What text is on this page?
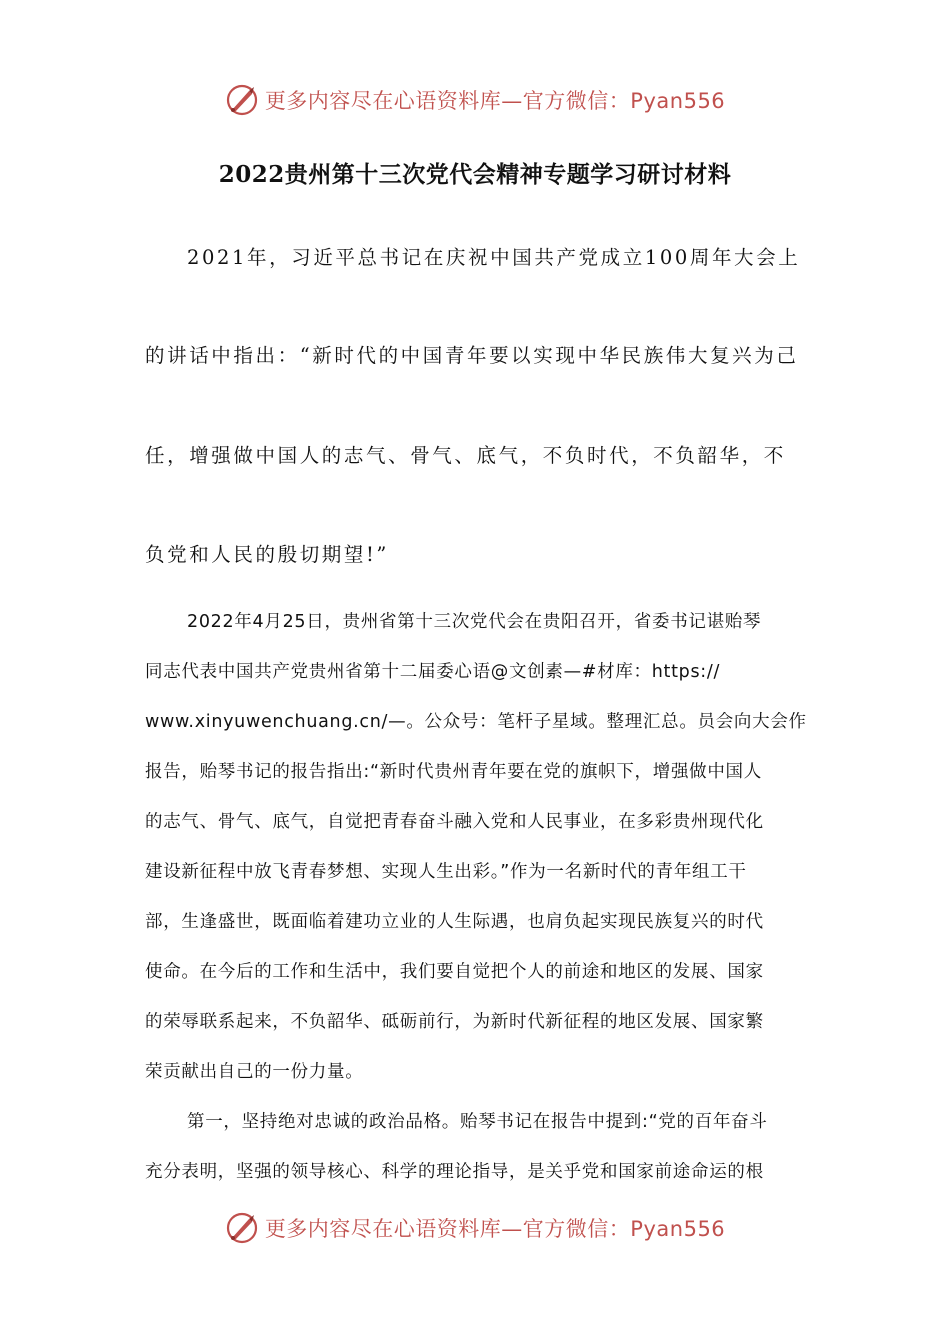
更多内容尽在心语资料库—官方微信：Pyan556
2022贵州第十三次党代会精神专题学习研讨材料
2021年，习近平总书记在庆祝中国共产党成立100周年大会上
的讲话中指出：“新时代的中国青年要以实现中华民族伟大复兴为己
任，增强做中国人的志气、骨气、底气，不负时代，不负韶华，不
负党和人民的殷切期望!”
2022年4月25日，贵州省第十三次党代会在贵阳召开，省委书记谌贻琴
同志代表中国共产党贵州省第十二届委心语@文创素—#材库：https://
www.xinyuwenchuang.cn/—。公众号：笔杆子星域。整理汇总。员会向大会作
报告，贻琴书记的报告指出:“新时代贵州青年要在党的旗帜下，增强做中国人
的志气、骨气、底气，自觉把青春奋斗融入党和人民事业，在多彩贵州现代化
建设新征程中放飞青春梦想、实现人生出彩。”作为一名新时代的青年组工干
部，生逢盛世，既面临着建功立业的人生际遇，也肩负起实现民族复兴的时代
使命。在今后的工作和生活中，我们要自觉把个人的前途和地区的发展、国家
的荣辱联系起来，不负韶华、砥砺前行，为新时代新征程的地区发展、国家繁
荣贡献出自己的一份力量。
第一，坚持绝对忠诚的政治品格。贻琴书记在报告中提到:“党的百年奋斗
充分表明，坚强的领导核心、科学的理论指导，是关乎党和国家前途命运的根
更多内容尽在心语资料库—官方微信：Pyan556
